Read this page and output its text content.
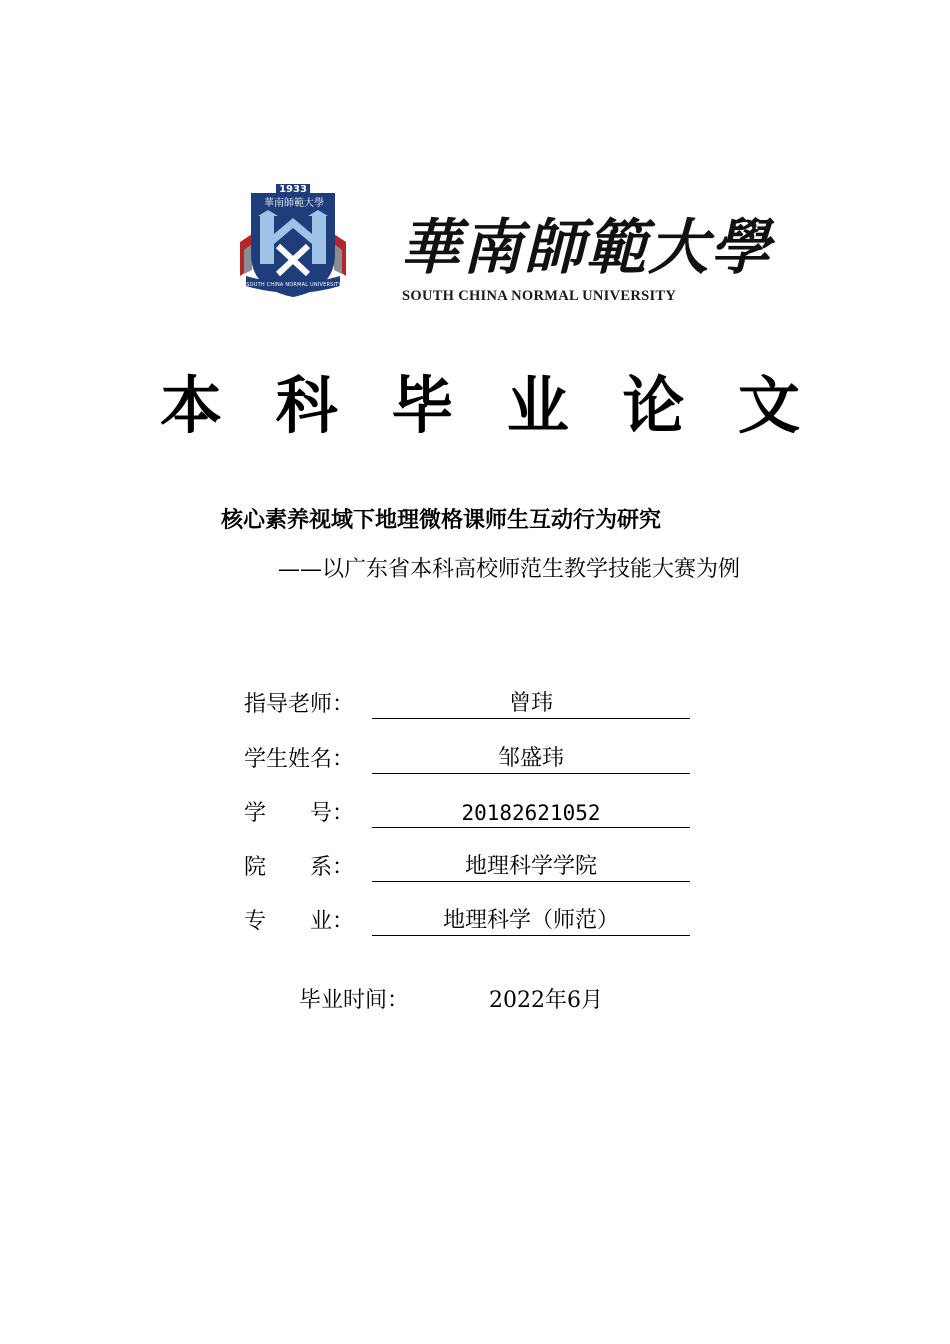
1933
華南師範大學
SOUTH CHINA NORMAL UNIVERSITY
華南師範大學
SOUTH CHINA NORMAL UNIVERSITY
本 科 毕 业 论 文
核心素养视域下地理微格课师生互动行为研究
——以广东省本科高校师范生教学技能大赛为例
指导老师：	曾玮
学生姓名：	邹盛玮
学　　号：	20182621052
院　　系：	地理科学学院
专　　业：	地理科学（师范）
毕业时间：	2022年6月
